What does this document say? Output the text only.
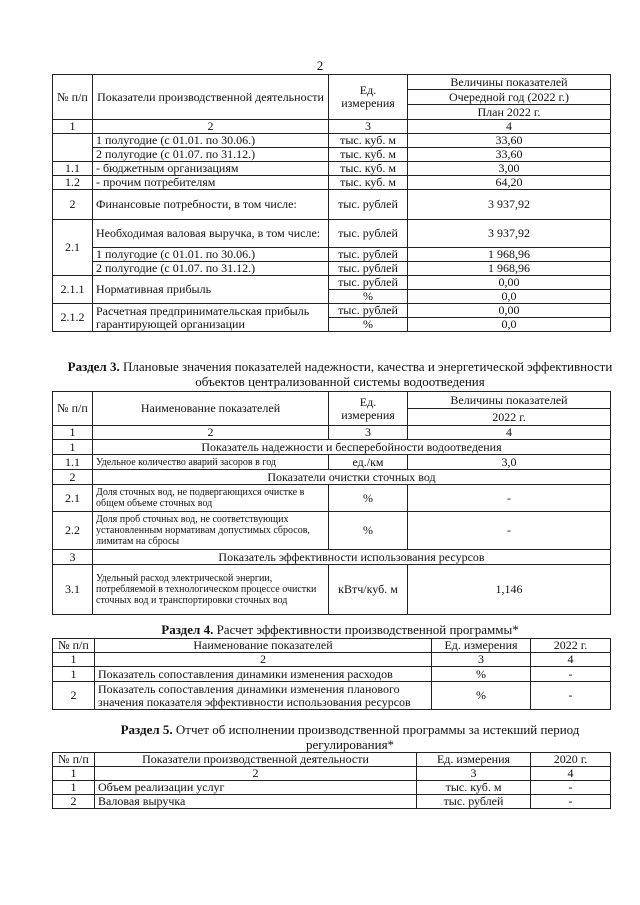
2
№ п/п	Показатели производственной деятельности	Ед. измерения	Величины показателей
			Очередной год (2022 г.)
			План 2022 г.
1	2	3	4
	1 полугодие (с 01.01. по 30.06.)	тыс. куб. м	33,60
	2 полугодие (с 01.07. по 31.12.)	тыс. куб. м	33,60
1.1	- бюджетным организациям	тыс. куб. м	3,00
1.2	- прочим потребителям	тыс. куб. м	64,20
2	Финансовые потребности, в том числе:	тыс. рублей	3 937,92
2.1	Необходимая валовая выручка, в том числе:	тыс. рублей	3 937,92
	1 полугодие (с 01.01. по 30.06.)	тыс. рублей	1 968,96
	2 полугодие (с 01.07. по 31.12.)	тыс. рублей	1 968,96
2.1.1	Нормативная прибыль	тыс. рублей	0,00
		%	0,0
2.1.2	Расчетная предпринимательская прибыль гарантирующей организации	тыс. рублей	0,00
		%	0,0
Раздел 3. Плановые значения показателей надежности, качества и энергетической эффективности объектов централизованной системы водоотведения
№ п/п	Наименование показателей	Ед. измерения	Величины показателей
			2022 г.
1	2	3	4
1	Показатель надежности и бесперебойности водоотведения		
1.1	Удельное количество аварий засоров в год	ед./км	3,0
2	Показатели очистки сточных вод		
2.1	Доля сточных вод, не подвергающихся очистке в общем объеме сточных вод	%	-
2.2	Доля проб сточных вод, не соответствующих установленным нормативам допустимых сбросов, лимитам на сбросы	%	-
3	Показатель эффективности использования ресурсов		
3.1	Удельный расход электрической энергии, потребляемой в технологическом процессе очистки сточных вод и транспортировки сточных вод	кВтч/куб. м	1,146
Раздел 4. Расчет эффективности производственной программы*
№ п/п	Наименование показателей	Ед. измерения	2022 г.
1	2	3	4
1	Показатель сопоставления динамики изменения расходов	%	-
2	Показатель сопоставления динамики изменения планового значения показателя эффективности использования ресурсов	%	-
Раздел 5. Отчет об исполнении производственной программы за истекший период регулирования*
№ п/п	Показатели производственной деятельности	Ед. измерения	2020 г.
1	2	3	4
1	Объем реализации услуг	тыс. куб. м	-
2	Валовая выручка	тыс. рублей	-
